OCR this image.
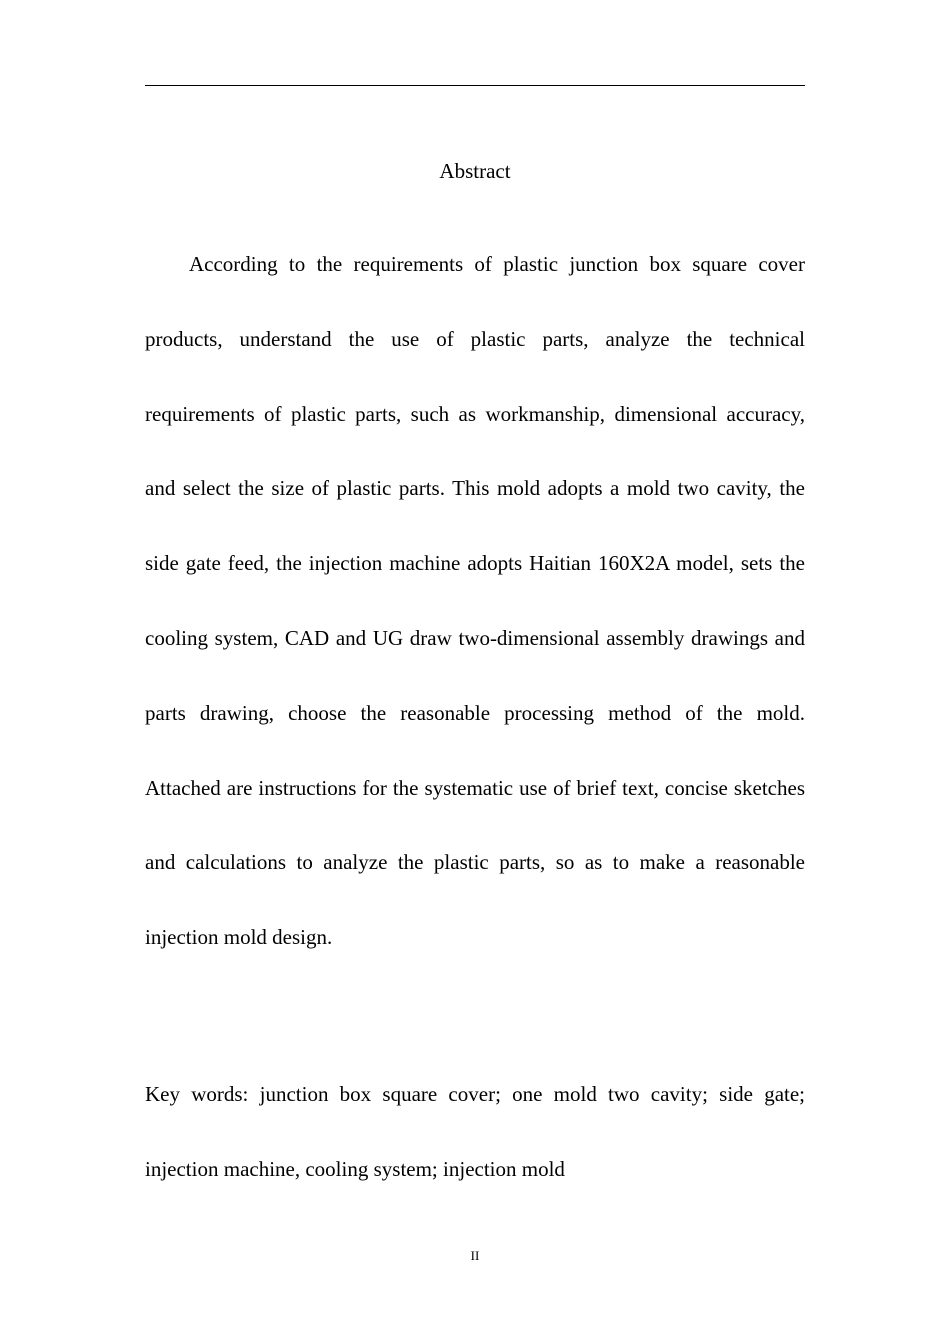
Abstract

According to the requirements of plastic junction box square cover products, understand the use of plastic parts, analyze the technical requirements of plastic parts, such as workmanship, dimensional accuracy, and select the size of plastic parts. This mold adopts a mold two cavity, the side gate feed, the injection machine adopts Haitian 160X2A model, sets the cooling system, CAD and UG draw two-dimensional assembly drawings and parts drawing, choose the reasonable processing method of the mold. Attached are instructions for the systematic use of brief text, concise sketches and calculations to analyze the plastic parts, so as to make a reasonable injection mold design.

Key words: junction box square cover; one mold two cavity; side gate; injection machine, cooling system; injection mold

II
